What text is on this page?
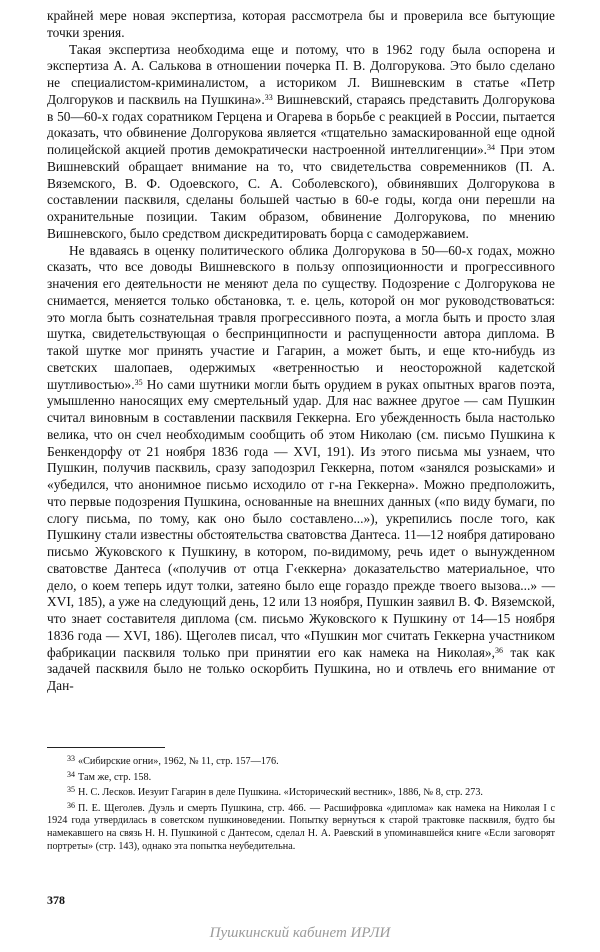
крайней мере новая экспертиза, которая рассмотрела бы и проверила все бытующие точки зрения.

Такая экспертиза необходима еще и потому, что в 1962 году была оспорена и экспертиза А. А. Салькова в отношении почерка П. В. Долгорукова. Это было сделано не специалистом-криминалистом, а историком Л. Вишневским в статье «Петр Долгоруков и пасквиль на Пушкина».$^{33}$ Вишневский, стараясь представить Долгорукова в 50—60-х годах соратником Герцена и Огарева в борьбе с реакцией в России, пытается доказать, что обвинение Долгорукова является «тщательно замаскированной еще одной полицейской акцией против демократически настроенной интеллигенции».$^{34}$ При этом Вишневский обращает внимание на то, что свидетельства современников (П. А. Вяземского, В. Ф. Одоевского, С. А. Соболевского), обвинявших Долгорукова в составлении пасквиля, сделаны большей частью в 60-е годы, когда они перешли на охранительные позиции. Таким образом, обвинение Долгорукова, по мнению Вишневского, было средством дискредитировать борца с самодержавием.

Не вдаваясь в оценку политического облика Долгорукова в 50—60-х годах, можно сказать, что все доводы Вишневского в пользу оппозиционности и прогрессивного значения его деятельности не меняют дела по существу. Подозрение с Долгорукова не снимается, меняется только обстановка, т. е. цель, которой он мог руководствоваться: это могла быть сознательная травля прогрессивного поэта, а могла быть и просто злая шутка, свидетельствующая о беспринципности и распущенности автора диплома. В такой шутке мог принять участие и Гагарин, а может быть, и еще кто-нибудь из светских шалопаев, одержимых «ветренностью и неосторожной кадетской шутливостью».$^{35}$ Но сами шутники могли быть орудием в руках опытных врагов поэта, умышленно наносящих ему смертельный удар. Для нас важнее другое — сам Пушкин считал виновным в составлении пасквиля Геккерна. Его убежденность была настолько велика, что он счел необходимым сообщить об этом Николаю (см. письмо Пушкина к Бенкендорфу от 21 ноября 1836 года — XVI, 191). Из этого письма мы узнаем, что Пушкин, получив пасквиль, сразу заподозрил Геккерна, потом «занялся розысками» и «убедился, что анонимное письмо исходило от г-на Геккерна». Можно предположить, что первые подозрения Пушкина, основанные на внешних данных («по виду бумаги, по слогу письма, по тому, как оно было составлено...»), укрепились после того, как Пушкину стали известны обстоятельства сватовства Дантеса. 11—12 ноября датировано письмо Жуковского к Пушкину, в котором, по-видимому, речь идет о вынужденном сватовстве Дантеса («получив от отца Г‹еккерна› доказательство материальное, что дело, о коем теперь идут толки, затеяно было еще гораздо прежде твоего вызова...» — XVI, 185), а уже на следующий день, 12 или 13 ноября, Пушкин заявил В. Ф. Вяземской, что знает составителя диплома (см. письмо Жуковского к Пушкину от 14—15 ноября 1836 года — XVI, 186). Щеголев писал, что «Пушкин мог считать Геккерна участником фабрикации пасквиля только при принятии его как намека на Николая»,$^{36}$ так как задачей пасквиля было не только оскорбить Пушкина, но и отвлечь его внимание от Дан-

$^{33}$ «Сибирские огни», 1962, № 11, стр. 157—176.

$^{34}$ Там же, стр. 158.

$^{35}$ Н. С. Лесков. Иезуит Гагарин в деле Пушкина. «Исторический вестник», 1886, № 8, стр. 273.

$^{36}$ П. Е. Щеголев. Дуэль и смерть Пушкина, стр. 466. — Расшифровка «диплома» как намека на Николая I с 1924 года утвердилась в советском пушкиноведении. Попытку вернуться к старой трактовке пасквиля, будто бы намекавшего на связь Н. Н. Пушкиной с Дантесом, сделал Н. А. Раевский в упоминавшейся книге «Если заговорят портреты» (стр. 143), однако эта попытка неубедительна.

378
Пушкинский кабинет ИРЛИ
